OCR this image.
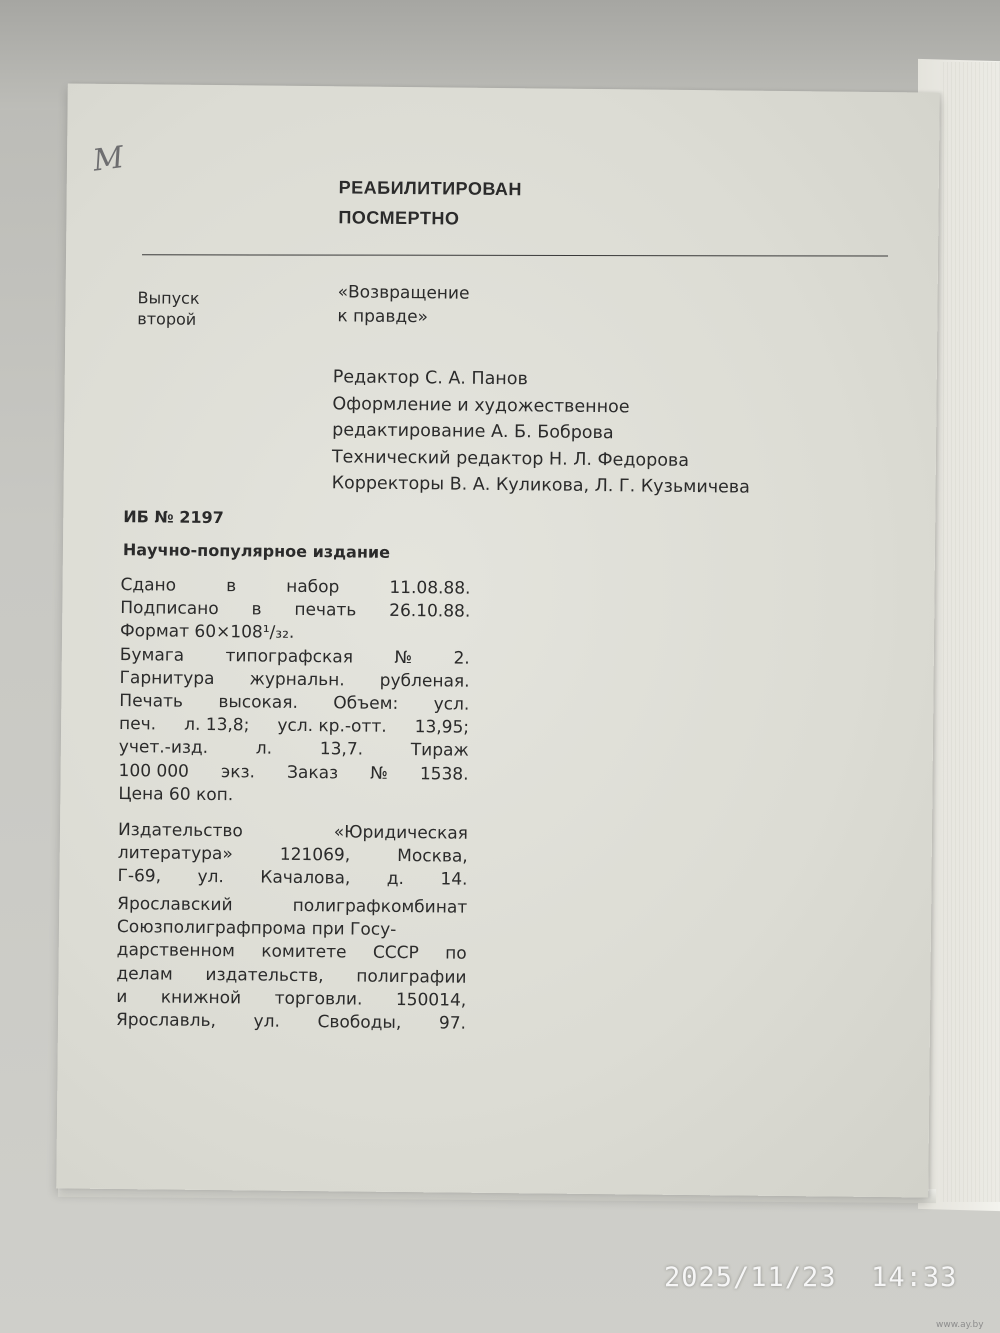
М
РЕАБИЛИТИРОВАН
ПОСМЕРТНО
Выпуск
второй
«Возвращение
к правде»
Редактор С. А. Панов
Оформление и художественное
редактирование А. Б. Боброва
Технический редактор Н. Л. Федорова
Корректоры В. А. Куликова, Л. Г. Кузьмичева
ИБ № 2197
Научно-популярное издание
Сдано	в	набор	11.08.88.
Подписано в печать 26.10.88.
Формат 60×108¹/₃₂.
Бумага типографская № 2.
Гарнитура журнальн. рубленая.
Печать высокая. Объем: усл.
печ. л. 13,8; усл. кр.-отт. 13,95;
учет.-изд.	л.	13,7.	Тираж
100 000 экз. Заказ № 1538.
Цена 60 коп.
Издательство	«Юридическая
литература»	121069,	Москва,
Г-69, ул. Качалова, д. 14.
Ярославский	полиграфкомбинат
Союзполиграфпрома при Госу-
дарственном комитете СССР по
делам издательств, полиграфии
и книжной торговли. 150014,
Ярославль, ул. Свободы, 97.
2025/11/23  14:33
www.ay.by
